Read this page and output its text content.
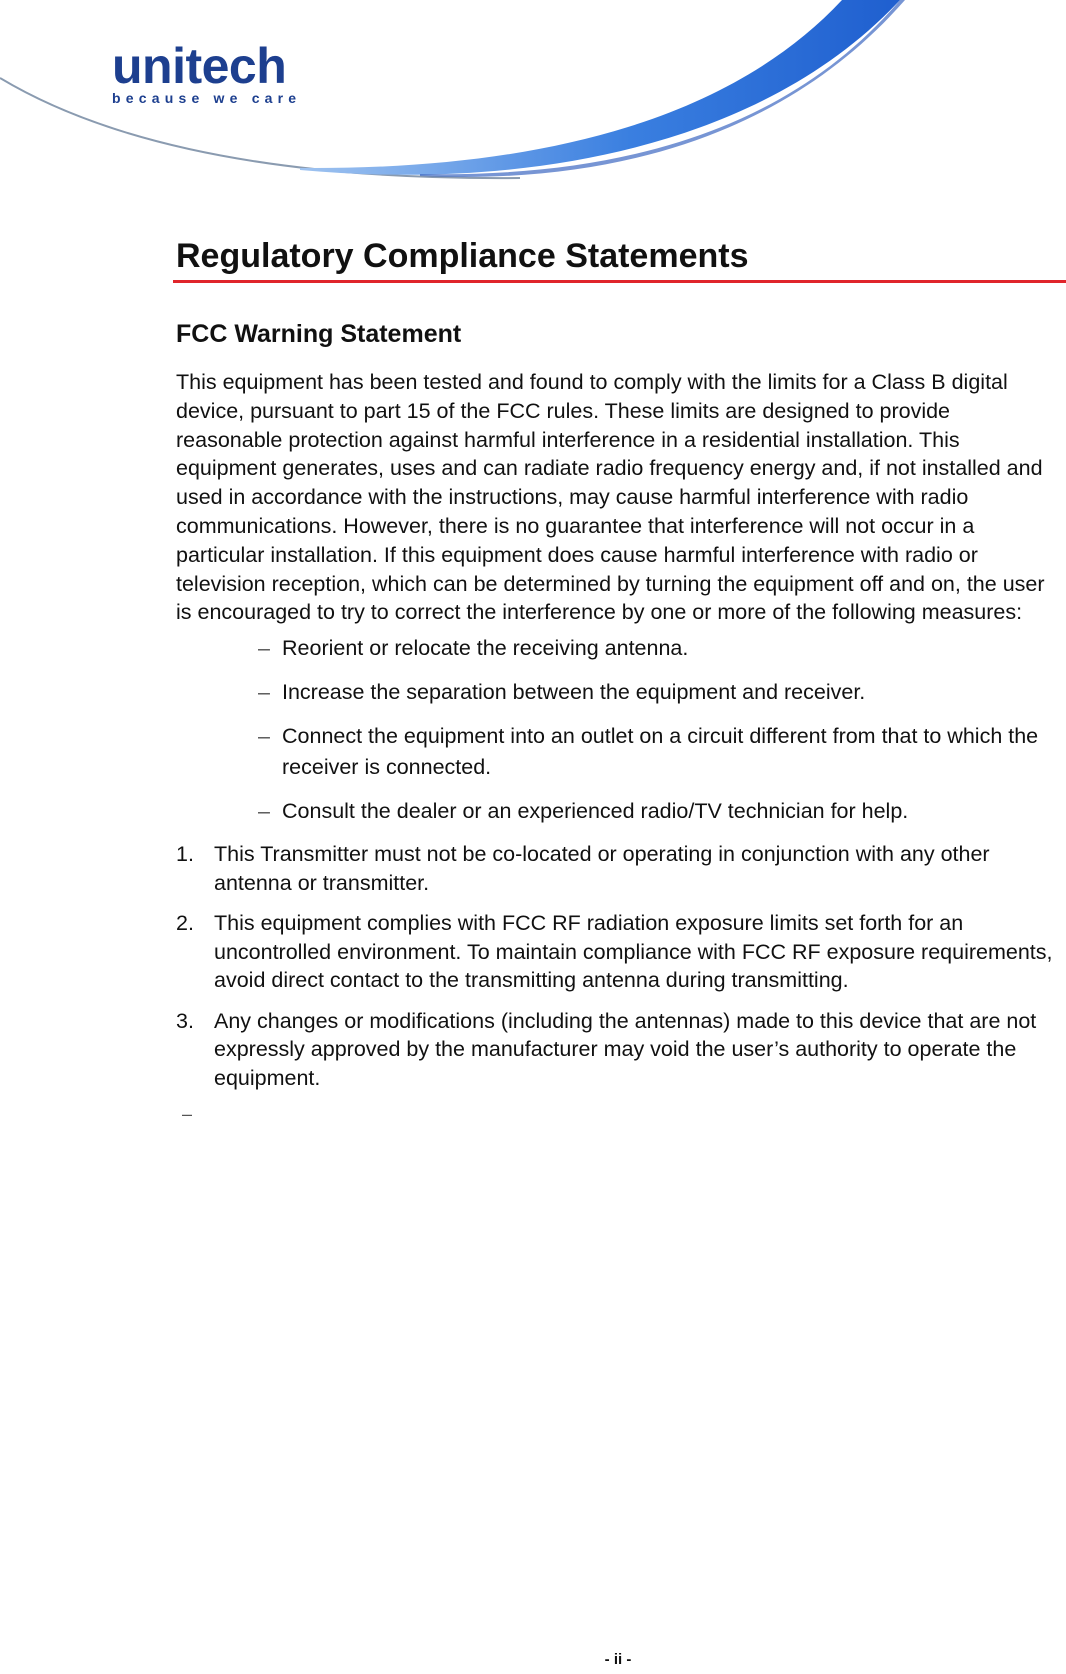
unitech
because we care
Regulatory Compliance Statements
FCC Warning Statement

This equipment has been tested and found to comply with the limits for a Class B digital device, pursuant to part 15 of the FCC rules. These limits are designed to provide reasonable protection against harmful interference in a residential installation. This equipment generates, uses and can radiate radio frequency energy and, if not installed and used in accordance with the instructions, may cause harmful interference with radio communications. However, there is no guarantee that interference will not occur in a particular installation. If this equipment does cause harmful interference with radio or television reception, which can be determined by turning the equipment off and on, the user is encouraged to try to correct the interference by one or more of the following measures:

– Reorient or relocate the receiving antenna.
– Increase the separation between the equipment and receiver.
– Connect the equipment into an outlet on a circuit different from that to which the receiver is connected.
– Consult the dealer or an experienced radio/TV technician for help.
1. This Transmitter must not be co-located or operating in conjunction with any other antenna or transmitter.
2. This equipment complies with FCC RF radiation exposure limits set forth for an uncontrolled environment. To maintain compliance with FCC RF exposure requirements, avoid direct contact to the transmitting antenna during transmitting.
3. Any changes or modifications (including the antennas) made to this device that are not expressly approved by the manufacturer may void the user’s authority to operate the equipment.
–
- ii -
